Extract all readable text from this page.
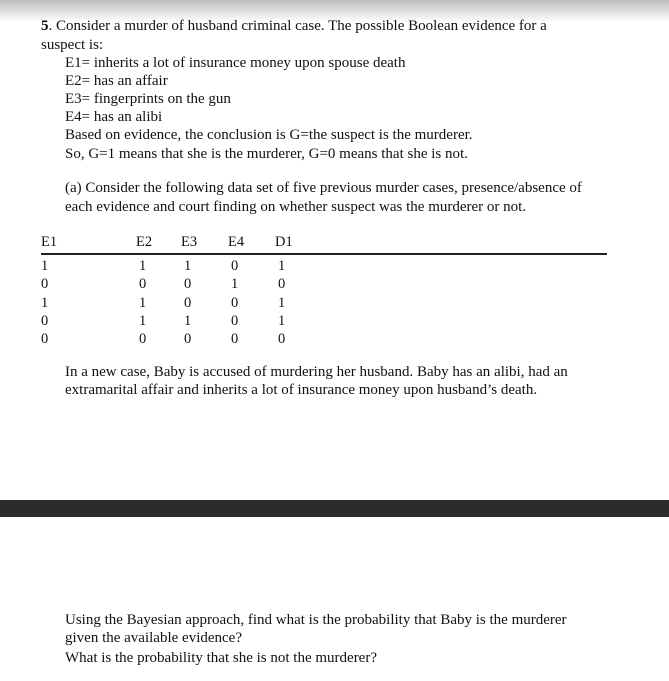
5. Consider a murder of husband criminal case. The possible Boolean evidence for a
suspect is:
E1= inherits a lot of insurance money upon spouse death
E2= has an affair
E3= fingerprints on the gun
E4= has an alibi
Based on evidence, the conclusion is G=the suspect is the murderer.
So, G=1 means that she is the murderer, G=0 means that she is not.
(a) Consider the following data set of five previous murder cases, presence/absence of
each evidence and court finding on whether suspect was the murderer or not.
E1	E2 E3 E4 D1
1	1	1	0	1
0	0	0	1	0
1	1	0	0	1
0	1	1	0	1
0	0	0	0	0
In a new case, Baby is accused of murdering her husband. Baby has an alibi, had an
extramarital affair and inherits a lot of insurance money upon husband’s death.
Using the Bayesian approach, find what is the probability that Baby is the murderer
given the available evidence?
What is the probability that she is not the murderer?
